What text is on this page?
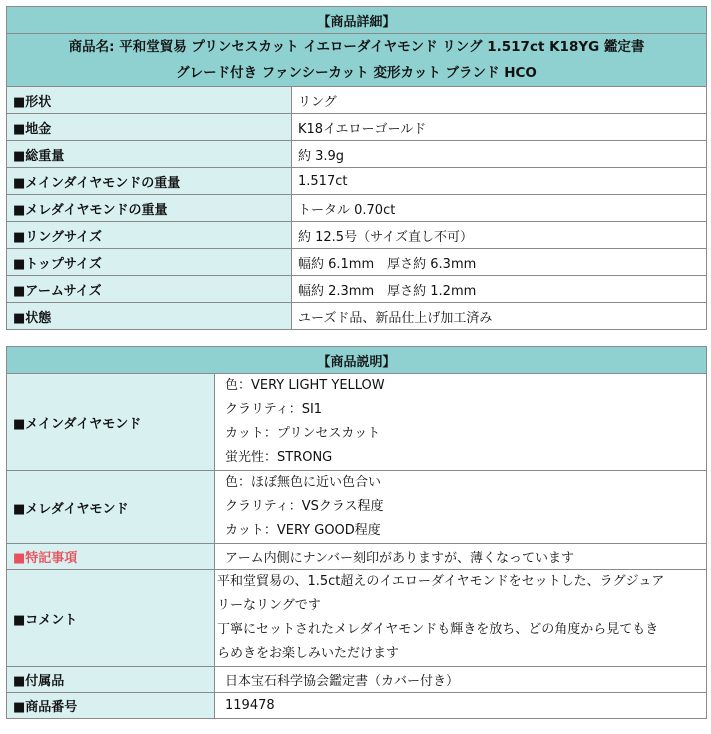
【商品詳細】	

商品名: 平和堂貿易 プリンセスカット イエローダイヤモンド リング 1.517ct K18YG 鑑定書
グレード付き ファンシーカット 変形カット ブランド HCO	

■形状	リング
■地金	K18イエローゴールド
■総重量	約 3.9g
■メインダイヤモンドの重量	1.517ct
■メレダイヤモンドの重量	トータル 0.70ct
■リングサイズ	約 12.5号（サイズ直し不可）
■トップサイズ	幅約 6.1mm　厚さ約 6.3mm
■アームサイズ	幅約 2.3mm　厚さ約 1.2mm
■状態	ユーズド品、新品仕上げ加工済み
【商品説明】	
■メインダイヤモンド	色：VERY LIGHT YELLOW
クラリティ：SI1
カット：プリンセスカット
蛍光性：STRONG

■メレダイヤモンド	色：ほぼ無色に近い色合い
クラリティ：VSクラス程度
カット：VERY GOOD程度

■特記事項	アーム内側にナンバー刻印がありますが、薄くなっています
■コメント	平和堂貿易の、1.5ct超えのイエローダイヤモンドをセットした、ラグジュア
リーなリングです
丁寧にセットされたメレダイヤモンドも輝きを放ち、どの角度から見てもき
らめきをお楽しみいただけます

■付属品	日本宝石科学協会鑑定書（カバー付き）
■商品番号	119478
